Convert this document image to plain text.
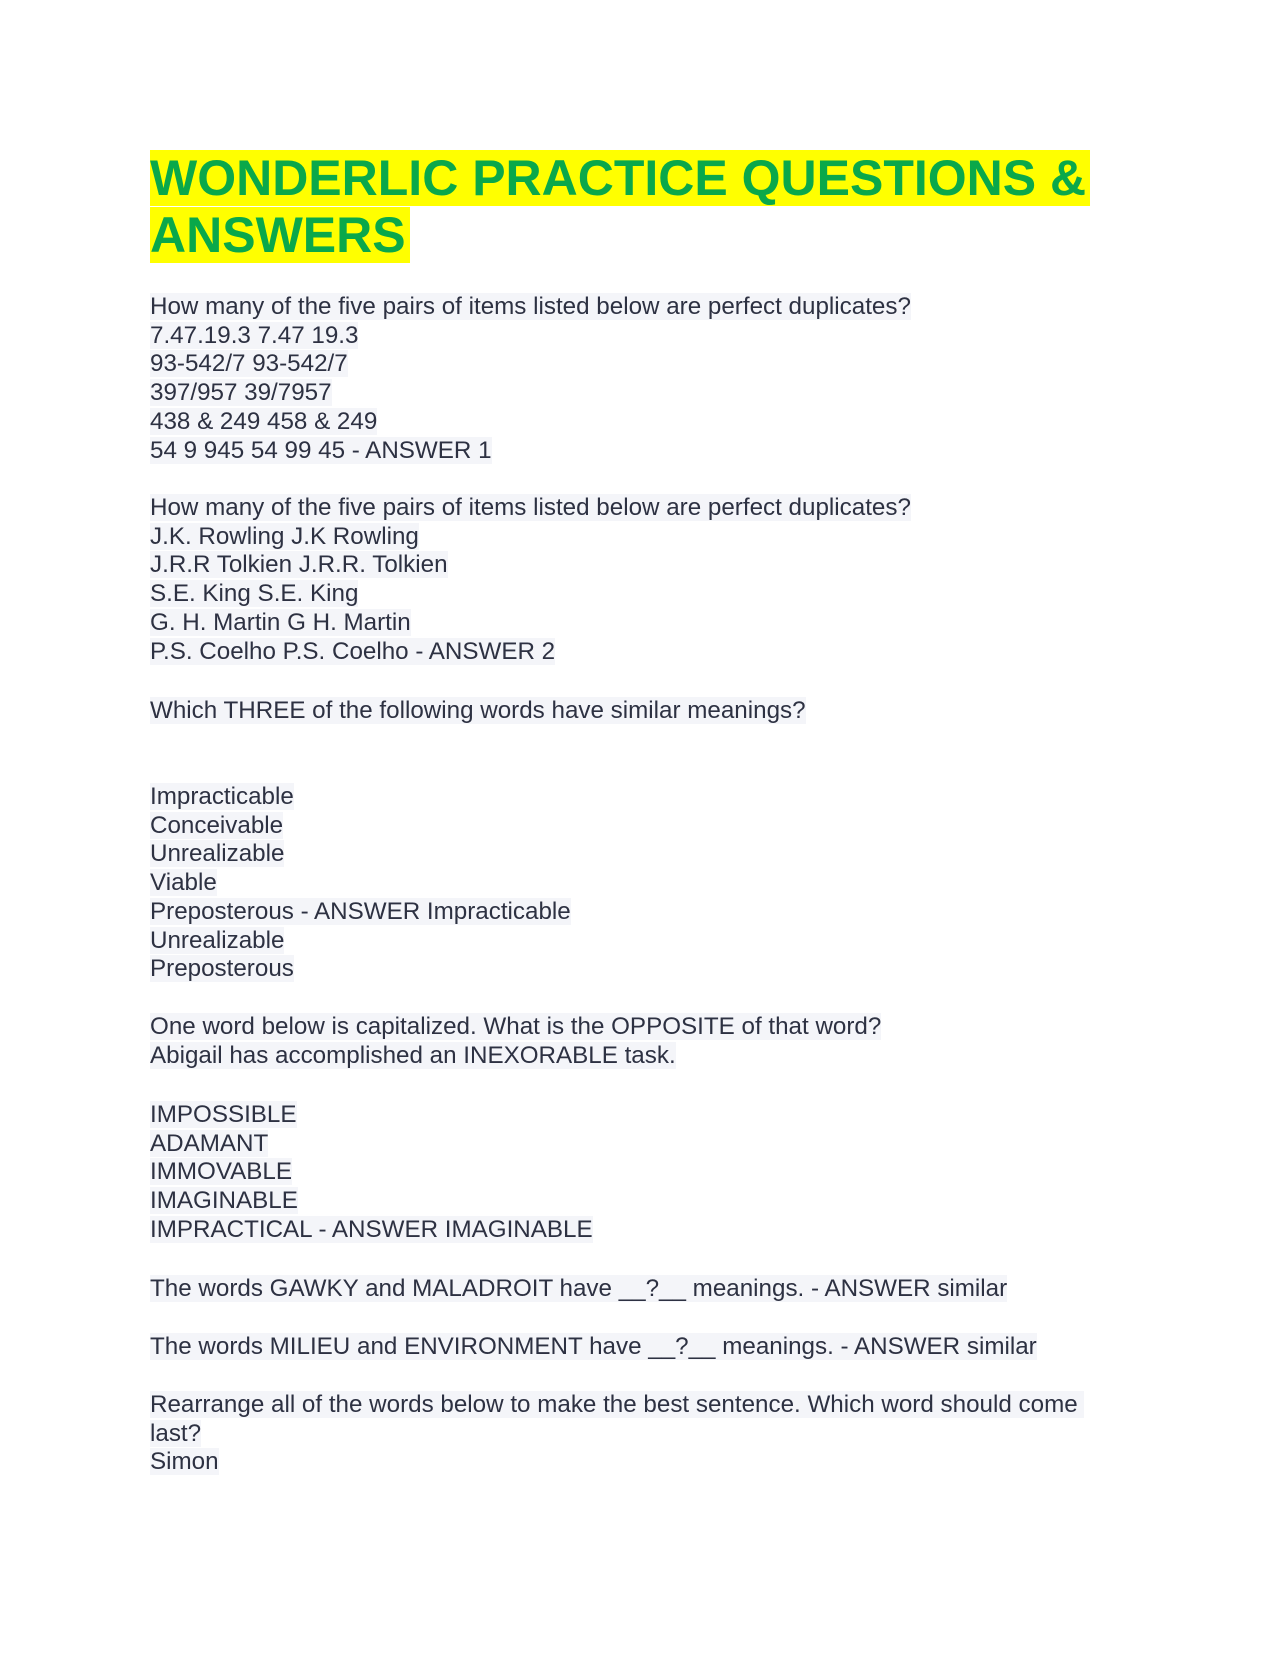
WONDERLIC PRACTICE QUESTIONS &
ANSWERS
How many of the five pairs of items listed below are perfect duplicates?
7.47.19.3 7.47 19.3
93-542/7 93-542/7
397/957 39/7957
438 & 249 458 & 249
54 9 945 54 99 45 - ANSWER 1
How many of the five pairs of items listed below are perfect duplicates?
J.K. Rowling J.K Rowling
J.R.R Tolkien J.R.R. Tolkien
S.E. King S.E. King
G. H. Martin G H. Martin
P.S. Coelho P.S. Coelho - ANSWER 2
Which THREE of the following words have similar meanings?
Impracticable
Conceivable
Unrealizable
Viable
Preposterous - ANSWER Impracticable
Unrealizable
Preposterous
One word below is capitalized. What is the OPPOSITE of that word?
Abigail has accomplished an INEXORABLE task.
IMPOSSIBLE
ADAMANT
IMMOVABLE
IMAGINABLE
IMPRACTICAL - ANSWER IMAGINABLE
The words GAWKY and MALADROIT have __?__ meanings. - ANSWER similar
The words MILIEU and ENVIRONMENT have __?__ meanings. - ANSWER similar
Rearrange all of the words below to make the best sentence. Which word should come
last?
Simon
